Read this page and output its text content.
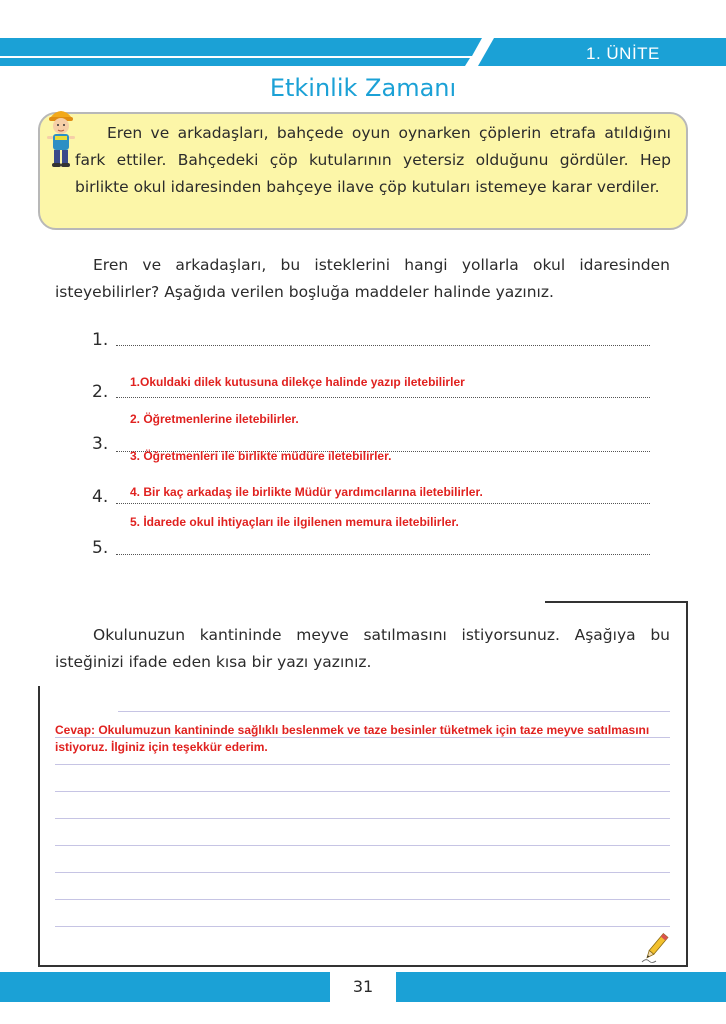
1. ÜNİTE
Etkinlik Zamanı
Eren ve arkadaşları, bahçede oyun oynarken çöplerin etrafa atıldığını fark ettiler. Bahçedeki çöp kutularının yetersiz olduğunu gördüler. Hep birlikte okul idaresinden bahçeye ilave çöp kutuları istemeye karar verdiler.
Eren ve arkadaşları, bu isteklerini hangi yollarla okul idaresinden isteyebilirler? Aşağıda verilen boşluğa maddeler halinde yazınız.
1.
2.
3.
4.
5.
1.Okuldaki dilek kutusuna dilekçe halinde yazıp iletebilirler
2. Öğretmenlerine iletebilirler.
3. Öğretmenleri ile birlikte müdüre iletebilirler.
4. Bir kaç arkadaş ile birlikte Müdür yardımcılarına iletebilirler.
5. İdarede okul ihtiyaçları ile ilgilenen memura iletebilirler.
Okulunuzun kantininde meyve satılmasını istiyorsunuz. Aşağıya bu isteğinizi ifade eden kısa bir yazı yazınız.
Cevap: Okulumuzun kantininde sağlıklı beslenmek ve taze besinler tüketmek için taze meyve satılmasını
istiyoruz. İlginiz için teşekkür ederim.
31
